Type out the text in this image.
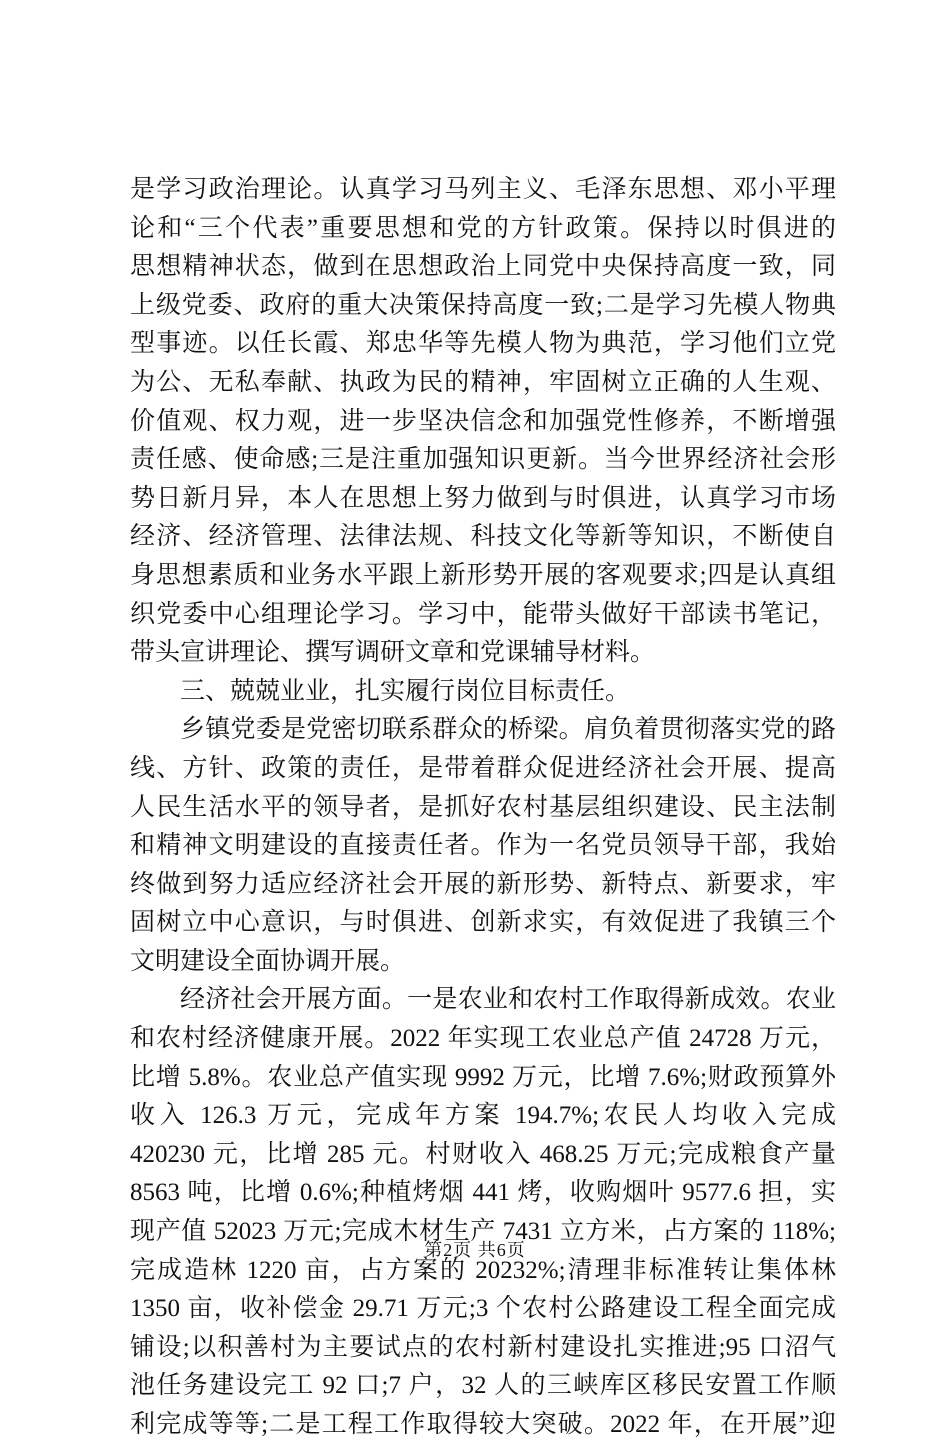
是学习政治理论。认真学习马列主义、毛泽东思想、邓小平理
论和“三个代表”重要思想和党的方针政策。保持以时俱进的
思想精神状态，做到在思想政治上同党中央保持高度一致，同
上级党委、政府的重大决策保持高度一致;二是学习先模人物典
型事迹。以任长霞、郑忠华等先模人物为典范，学习他们立党
为公、无私奉献、执政为民的精神，牢固树立正确的人生观、
价值观、权力观，进一步坚决信念和加强党性修养，不断增强
责任感、使命感;三是注重加强知识更新。当今世界经济社会形
势日新月异，本人在思想上努力做到与时俱进，认真学习市场
经济、经济管理、法律法规、科技文化等新等知识，不断使自
身思想素质和业务水平跟上新形势开展的客观要求;四是认真组
织党委中心组理论学习。学习中，能带头做好干部读书笔记，
带头宣讲理论、撰写调研文章和党课辅导材料。
三、兢兢业业，扎实履行岗位目标责任。
乡镇党委是党密切联系群众的桥梁。肩负着贯彻落实党的路
线、方针、政策的责任，是带着群众促进经济社会开展、提高
人民生活水平的领导者，是抓好农村基层组织建设、民主法制
和精神文明建设的直接责任者。作为一名党员领导干部，我始
终做到努力适应经济社会开展的新形势、新特点、新要求，牢
固树立中心意识，与时俱进、创新求实，有效促进了我镇三个
文明建设全面协调开展。
经济社会开展方面。一是农业和农村工作取得新成效。农业
和农村经济健康开展。2022 年实现工农业总产值 24728 万元，
比增 5.8%。农业总产值实现 9992 万元，比增 7.6%;财政预算外
收入 126.3 万元，完成年方案 194.7%;农民人均收入完成
420230 元，比增 285 元。村财收入 468.25 万元;完成粮食产量
8563 吨，比增 0.6%;种植烤烟 441 烤，收购烟叶 9577.6 担，实
现产值 52023 万元;完成木材生产 7431 立方米，占方案的 118%;
完成造林 1220 亩，占方案的 20232%;清理非标准转让集体林
1350 亩，收补偿金 29.71 万元;3 个农村公路建设工程全面完成
铺设;以积善村为主要试点的农村新村建设扎实推进;95 口沼气
池任务建设完工 92 口;7 户，32 人的三峡库区移民安置工作顺
利完成等等;二是工程工作取得较大突破。2022 年，在开展”迎
第2页 共6页
